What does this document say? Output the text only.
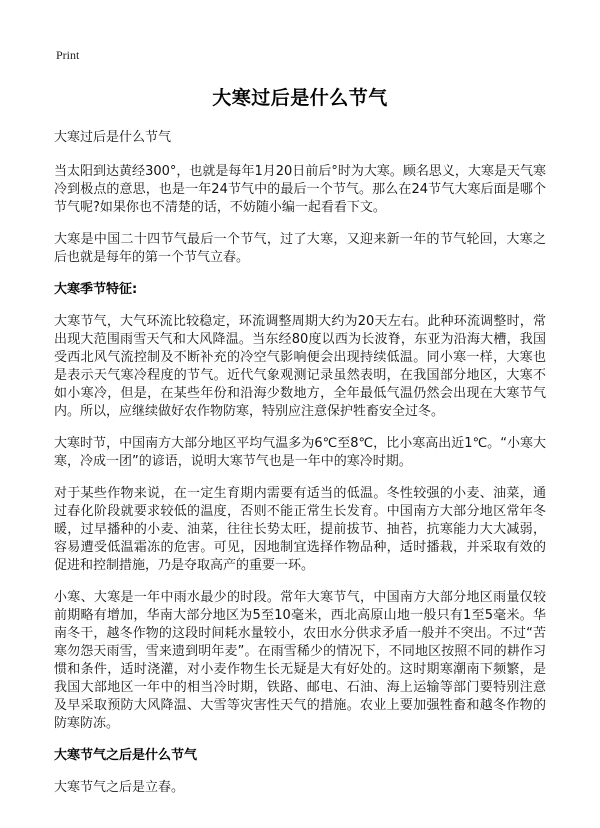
Print
大寒过后是什么节气
大寒过后是什么节气
当太阳到达黄经300°，也就是每年1月20日前后°时为大寒。顾名思义，大寒是天气寒冷到极点的意思，也是一年24节气中的最后一个节气。那么在24节气大寒后面是哪个节气呢?如果你也不清楚的话，不妨随小编一起看看下文。
大寒是中国二十四节气最后一个节气，过了大寒，又迎来新一年的节气轮回，大寒之后也就是每年的第一个节气立春。
大寒季节特征:
大寒节气，大气环流比较稳定，环流调整周期大约为20天左右。此种环流调整时，常出现大范围雨雪天气和大风降温。当东经80度以西为长波脊，东亚为沿海大槽，我国受西北风气流控制及不断补充的冷空气影响便会出现持续低温。同小寒一样，大寒也是表示天气寒冷程度的节气。近代气象观测记录虽然表明，在我国部分地区，大寒不如小寒冷，但是，在某些年份和沿海少数地方，全年最低气温仍然会出现在大寒节气内。所以，应继续做好农作物防寒，特别应注意保护牲畜安全过冬。
大寒时节，中国南方大部分地区平均气温多为6℃至8℃，比小寒高出近1℃。“小寒大寒，冷成一团”的谚语，说明大寒节气也是一年中的寒冷时期。
对于某些作物来说，在一定生育期内需要有适当的低温。冬性较强的小麦、油菜，通过春化阶段就要求较低的温度，否则不能正常生长发育。中国南方大部分地区常年冬暖，过早播种的小麦、油菜，往往长势太旺，提前拔节、抽苔，抗寒能力大大减弱，容易遭受低温霜冻的危害。可见，因地制宜选择作物品种，适时播栽，并采取有效的促进和控制措施，乃是夺取高产的重要一环。
小寒、大寒是一年中雨水最少的时段。常年大寒节气，中国南方大部分地区雨量仅较前期略有增加，华南大部分地区为5至10毫米，西北高原山地一般只有1至5毫米。华南冬干，越冬作物的这段时间耗水量较小，农田水分供求矛盾一般并不突出。不过“苦寒勿怨天雨雪，雪来遗到明年麦”。在雨雪稀少的情况下，不同地区按照不同的耕作习惯和条件，适时浇灌，对小麦作物生长无疑是大有好处的。这时期寒潮南下频繁，是我国大部地区一年中的相当冷时期，铁路、邮电、石油、海上运输等部门要特别注意及早采取预防大风降温、大雪等灾害性天气的措施。农业上要加强牲畜和越冬作物的防寒防冻。
大寒节气之后是什么节气
大寒节气之后是立春。
